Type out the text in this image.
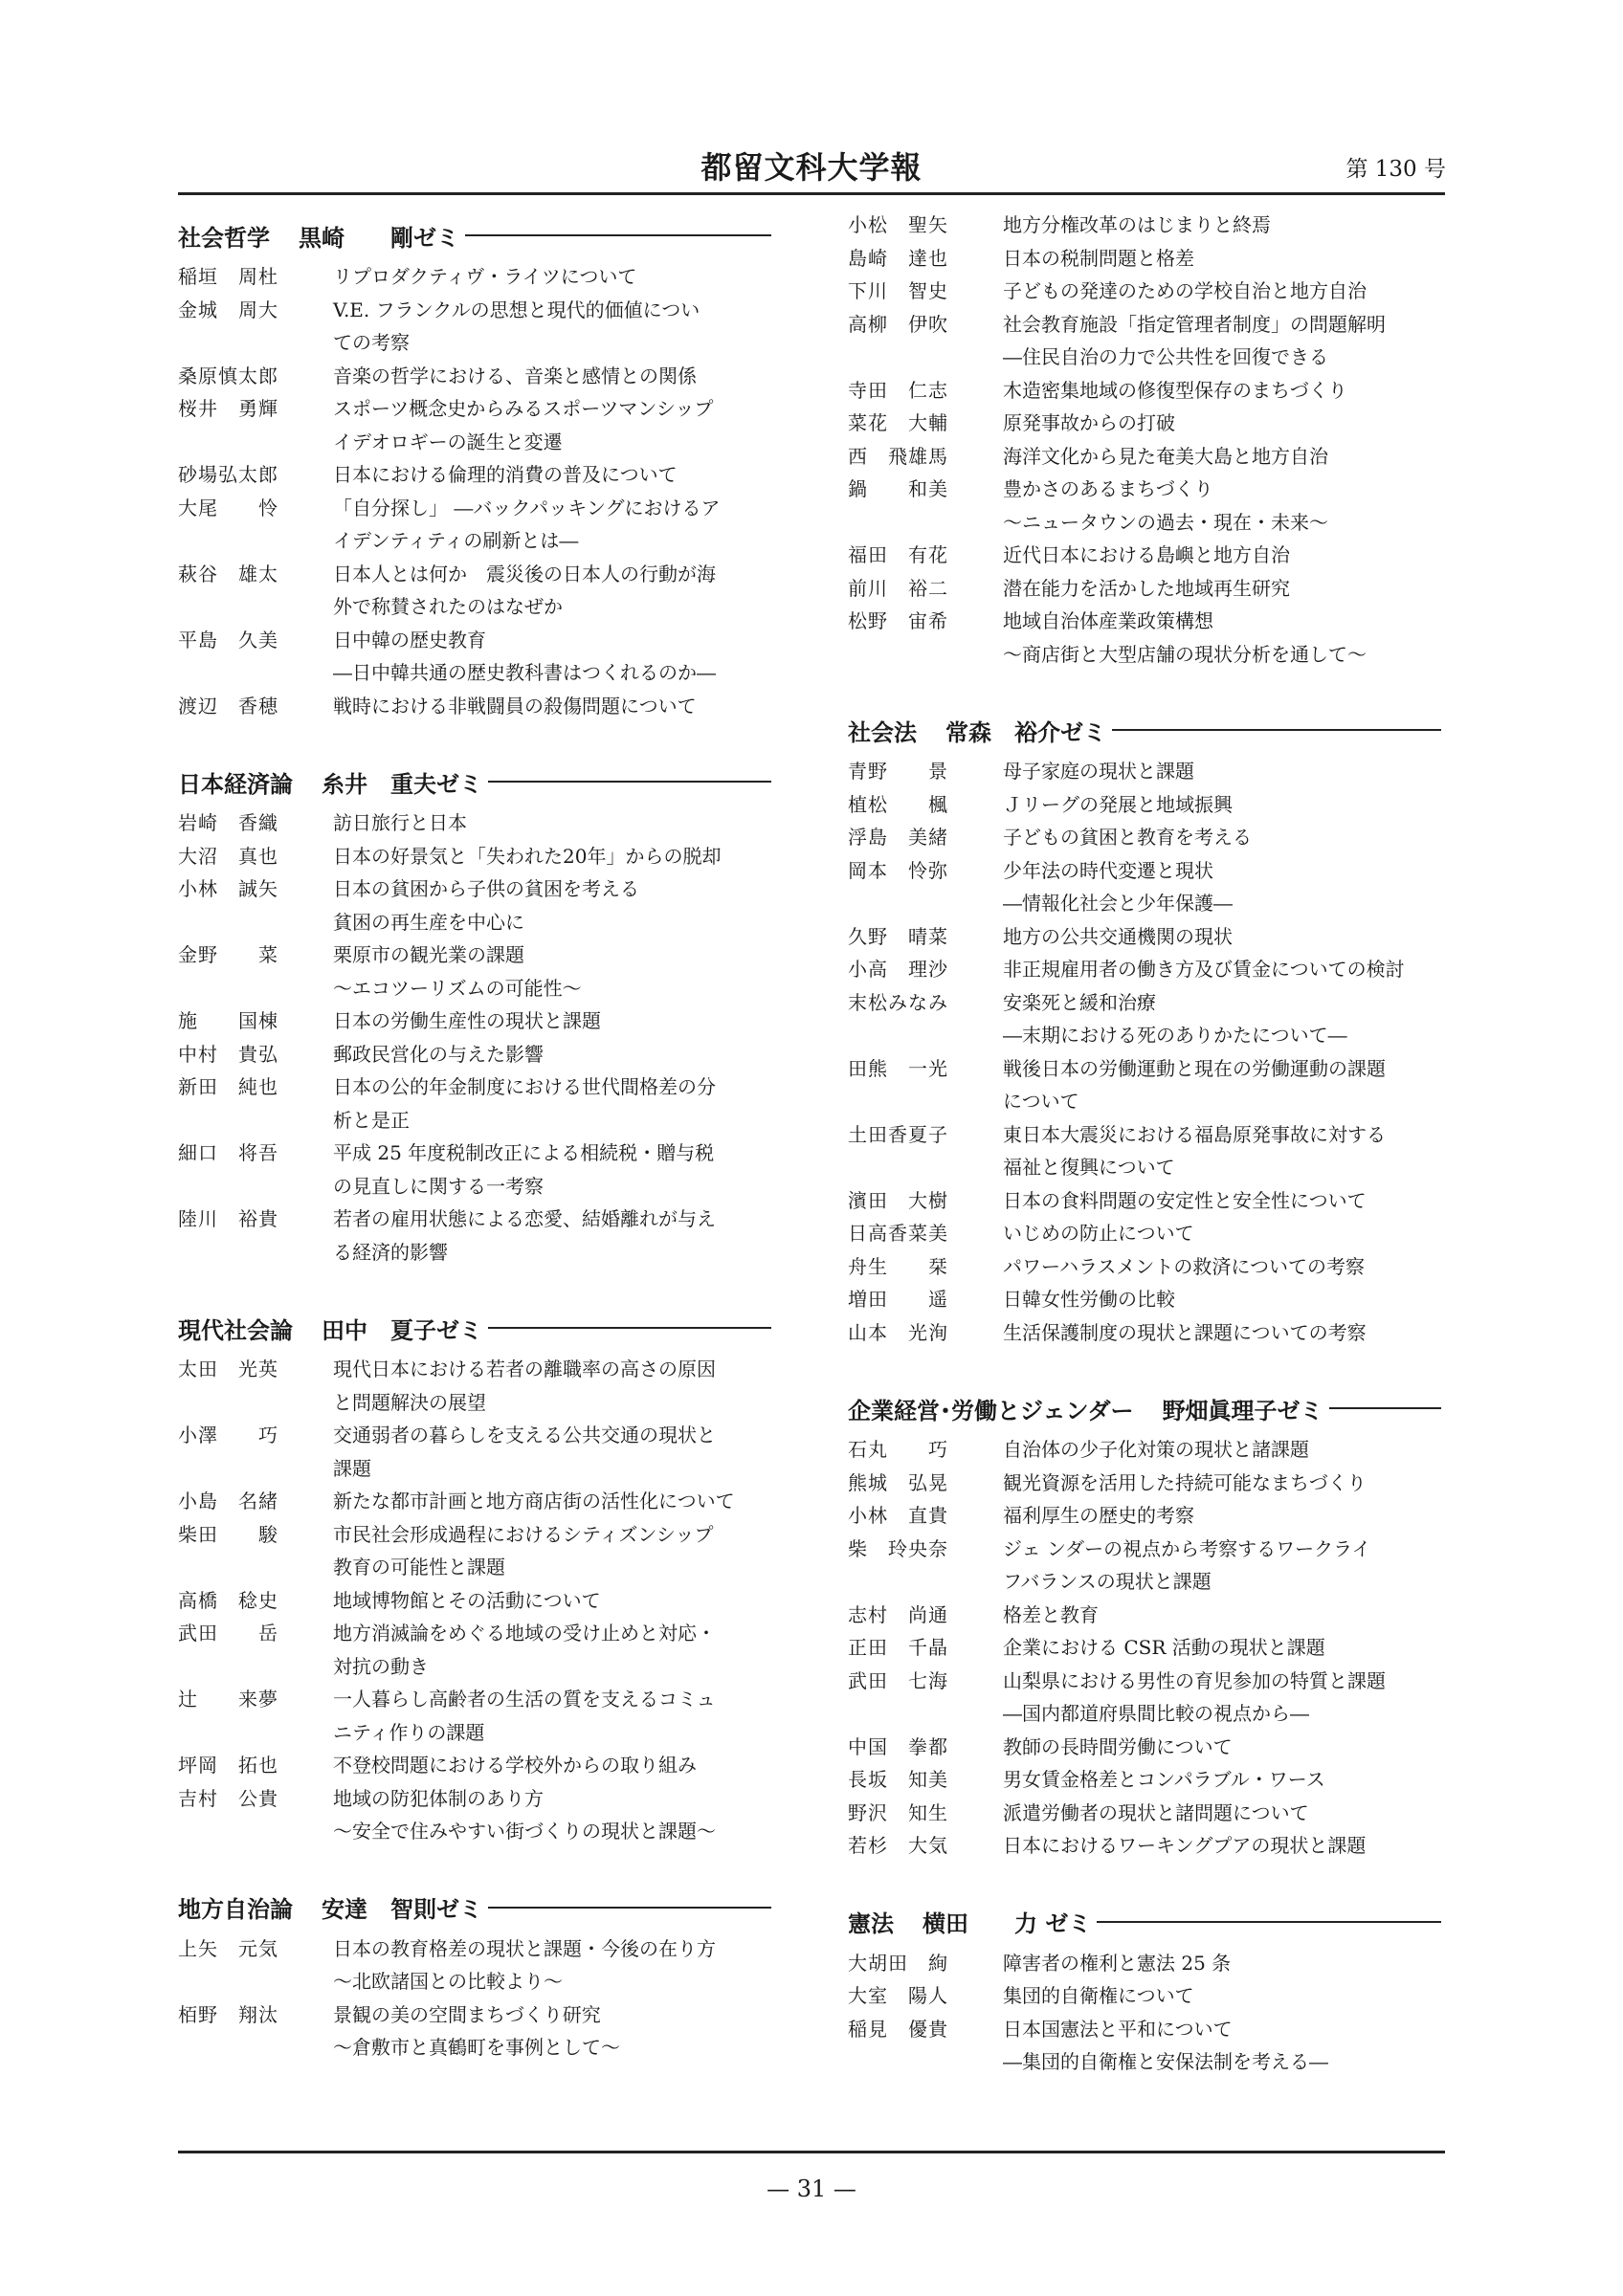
都留文科大学報	第 130 号
社会哲学 黒崎　　剛ゼミ
稲垣　周杜	リプロダクティヴ・ライツについて
金城　周大	V.E. フランクルの思想と現代的価値につい
ての考察
桑原慎太郎	音楽の哲学における、音楽と感情との関係
桜井　勇輝	スポーツ概念史からみるスポーツマンシップ
イデオロギーの誕生と変遷
砂場弘太郎	日本における倫理的消費の普及について
大尾　　怜	「自分探し」 ―バックパッキングにおけるア
イデンティティの刷新とは―
萩谷　雄太	日本人とは何か　震災後の日本人の行動が海
外で称賛されたのはなぜか
平島　久美	日中韓の歴史教育
―日中韓共通の歴史教科書はつくれるのか―
渡辺　香穂	戦時における非戦闘員の殺傷問題について
日本経済論 糸井　重夫ゼミ
岩崎　香織	訪日旅行と日本
大沼　真也	日本の好景気と「失われた20年」からの脱却
小林　誠矢	日本の貧困から子供の貧困を考える
貧困の再生産を中心に
金野　　菜	栗原市の観光業の課題
～エコツーリズムの可能性～
施　　国棟	日本の労働生産性の現状と課題
中村　貴弘	郵政民営化の与えた影響
新田　純也	日本の公的年金制度における世代間格差の分
析と是正
細口　将吾	平成 25 年度税制改正による相続税・贈与税
の見直しに関する一考察
陸川　裕貴	若者の雇用状態による恋愛、結婚離れが与え
る経済的影響
現代社会論 田中　夏子ゼミ
太田　光英	現代日本における若者の離職率の高さの原因
と問題解決の展望
小澤　　巧	交通弱者の暮らしを支える公共交通の現状と
課題
小島　名緒	新たな都市計画と地方商店街の活性化について
柴田　　駿	市民社会形成過程におけるシティズンシップ
教育の可能性と課題
高橋　稔史	地域博物館とその活動について
武田　　岳	地方消滅論をめぐる地域の受け止めと対応・
対抗の動き
辻　　来夢	一人暮らし高齢者の生活の質を支えるコミュ
ニティ作りの課題
坪岡　拓也	不登校問題における学校外からの取り組み
吉村　公貴	地域の防犯体制のあり方
～安全で住みやすい街づくりの現状と課題～
地方自治論 安達　智則ゼミ
上矢　元気	日本の教育格差の現状と課題・今後の在り方
～北欧諸国との比較より～
栢野　翔汰	景観の美の空間まちづくり研究
～倉敷市と真鶴町を事例として～
小松　聖矢	地方分権改革のはじまりと終焉
島崎　達也	日本の税制問題と格差
下川　智史	子どもの発達のための学校自治と地方自治
高柳　伊吹	社会教育施設「指定管理者制度」の問題解明
―住民自治の力で公共性を回復できる
寺田　仁志	木造密集地域の修復型保存のまちづくり
菜花　大輔	原発事故からの打破
西　飛雄馬	海洋文化から見た奄美大島と地方自治
鍋　　和美	豊かさのあるまちづくり
～ニュータウンの過去・現在・未来～
福田　有花	近代日本における島嶼と地方自治
前川　裕二	潜在能力を活かした地域再生研究
松野　宙希	地域自治体産業政策構想
～商店街と大型店舗の現状分析を通して～
社会法 常森　裕介ゼミ
青野　　景	母子家庭の現状と課題
植松　　楓	Ｊリーグの発展と地域振興
浮島　美緒	子どもの貧困と教育を考える
岡本　怜弥	少年法の時代変遷と現状
―情報化社会と少年保護―
久野　晴菜	地方の公共交通機関の現状
小高　理沙	非正規雇用者の働き方及び賃金についての検討
末松みなみ	安楽死と緩和治療
―末期における死のありかたについて―
田熊　一光	戦後日本の労働運動と現在の労働運動の課題
について
土田香夏子	東日本大震災における福島原発事故に対する
福祉と復興について
濱田　大樹	日本の食料問題の安定性と安全性について
日高香菜美	いじめの防止について
舟生　　栞	パワーハラスメントの救済についての考察
増田　　遥	日韓女性労働の比較
山本　光洵	生活保護制度の現状と課題についての考察
企業経営･労働とジェンダー 野畑眞理子ゼミ
石丸　　巧	自治体の少子化対策の現状と諸課題
熊城　弘晃	観光資源を活用した持続可能なまちづくり
小林　直貴	福利厚生の歴史的考察
柴　玲央奈	ジェ ンダーの視点から考察するワークライ
フバランスの現状と課題
志村　尚通	格差と教育
正田　千晶	企業における CSR 活動の現状と課題
武田　七海	山梨県における男性の育児参加の特質と課題
―国内都道府県間比較の視点から―
中国　拳都	教師の長時間労働について
長坂　知美	男女賃金格差とコンパラブル・ワース
野沢　知生	派遣労働者の現状と諸問題について
若杉　大気	日本におけるワーキングプアの現状と課題
憲法 横田　　力 ゼミ
大胡田　絢	障害者の権利と憲法 25 条
大室　陽人	集団的自衛権について
稲見　優貴	日本国憲法と平和について
―集団的自衛権と安保法制を考える―
— 31 —
